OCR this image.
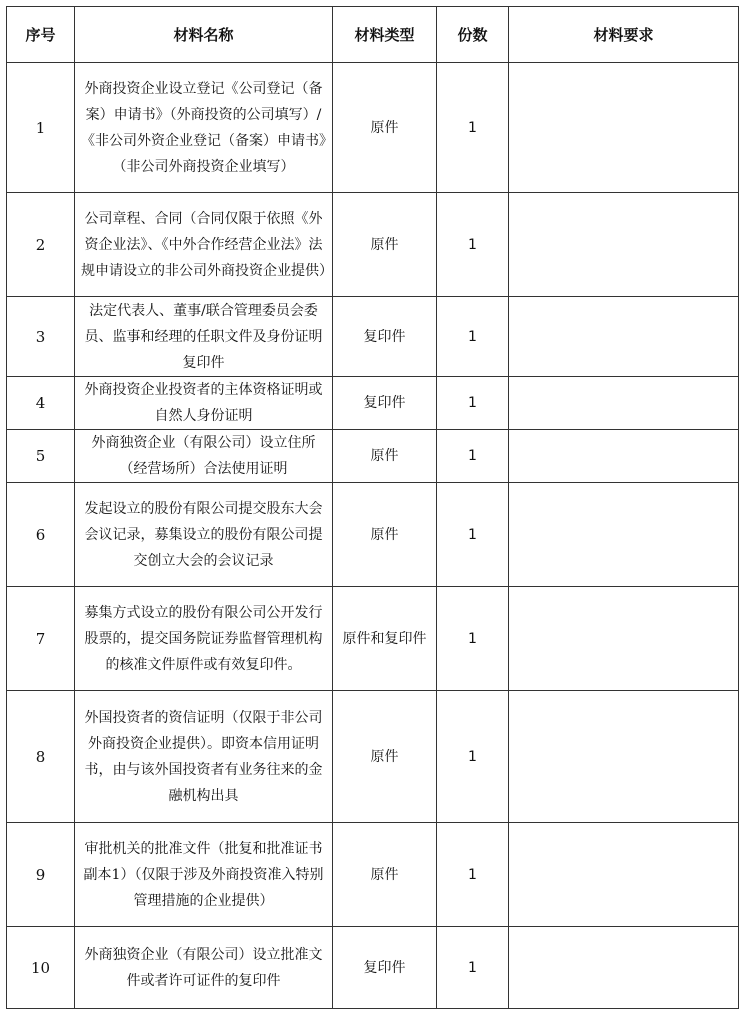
序号	材料名称	材料类型	份数	材料要求
1	外商投资企业设立登记《公司登记（备案）申请书》（外商投资的公司填写）/《非公司外资企业登记（备案）申请书》（非公司外商投资企业填写）	原件	1	
2	公司章程、合同（合同仅限于依照《外资企业法》、《中外合作经营企业法》法规申请设立的非公司外商投资企业提供）	原件	1	
3	法定代表人、董事/联合管理委员会委员、监事和经理的任职文件及身份证明复印件	复印件	1	
4	外商投资企业投资者的主体资格证明或自然人身份证明	复印件	1	
5	外商独资企业（有限公司）设立住所（经营场所）合法使用证明	原件	1	
6	发起设立的股份有限公司提交股东大会会议记录，募集设立的股份有限公司提交创立大会的会议记录	原件	1	
7	募集方式设立的股份有限公司公开发行股票的，提交国务院证券监督管理机构的核准文件原件或有效复印件。	原件和复印件	1	
8	外国投资者的资信证明（仅限于非公司外商投资企业提供）。即资本信用证明书，由与该外国投资者有业务往来的金融机构出具	原件	1	
9	审批机关的批准文件（批复和批准证书副本1）（仅限于涉及外商投资准入特别管理措施的企业提供）	原件	1	
10	外商独资企业（有限公司）设立批准文件或者许可证件的复印件	复印件	1	
